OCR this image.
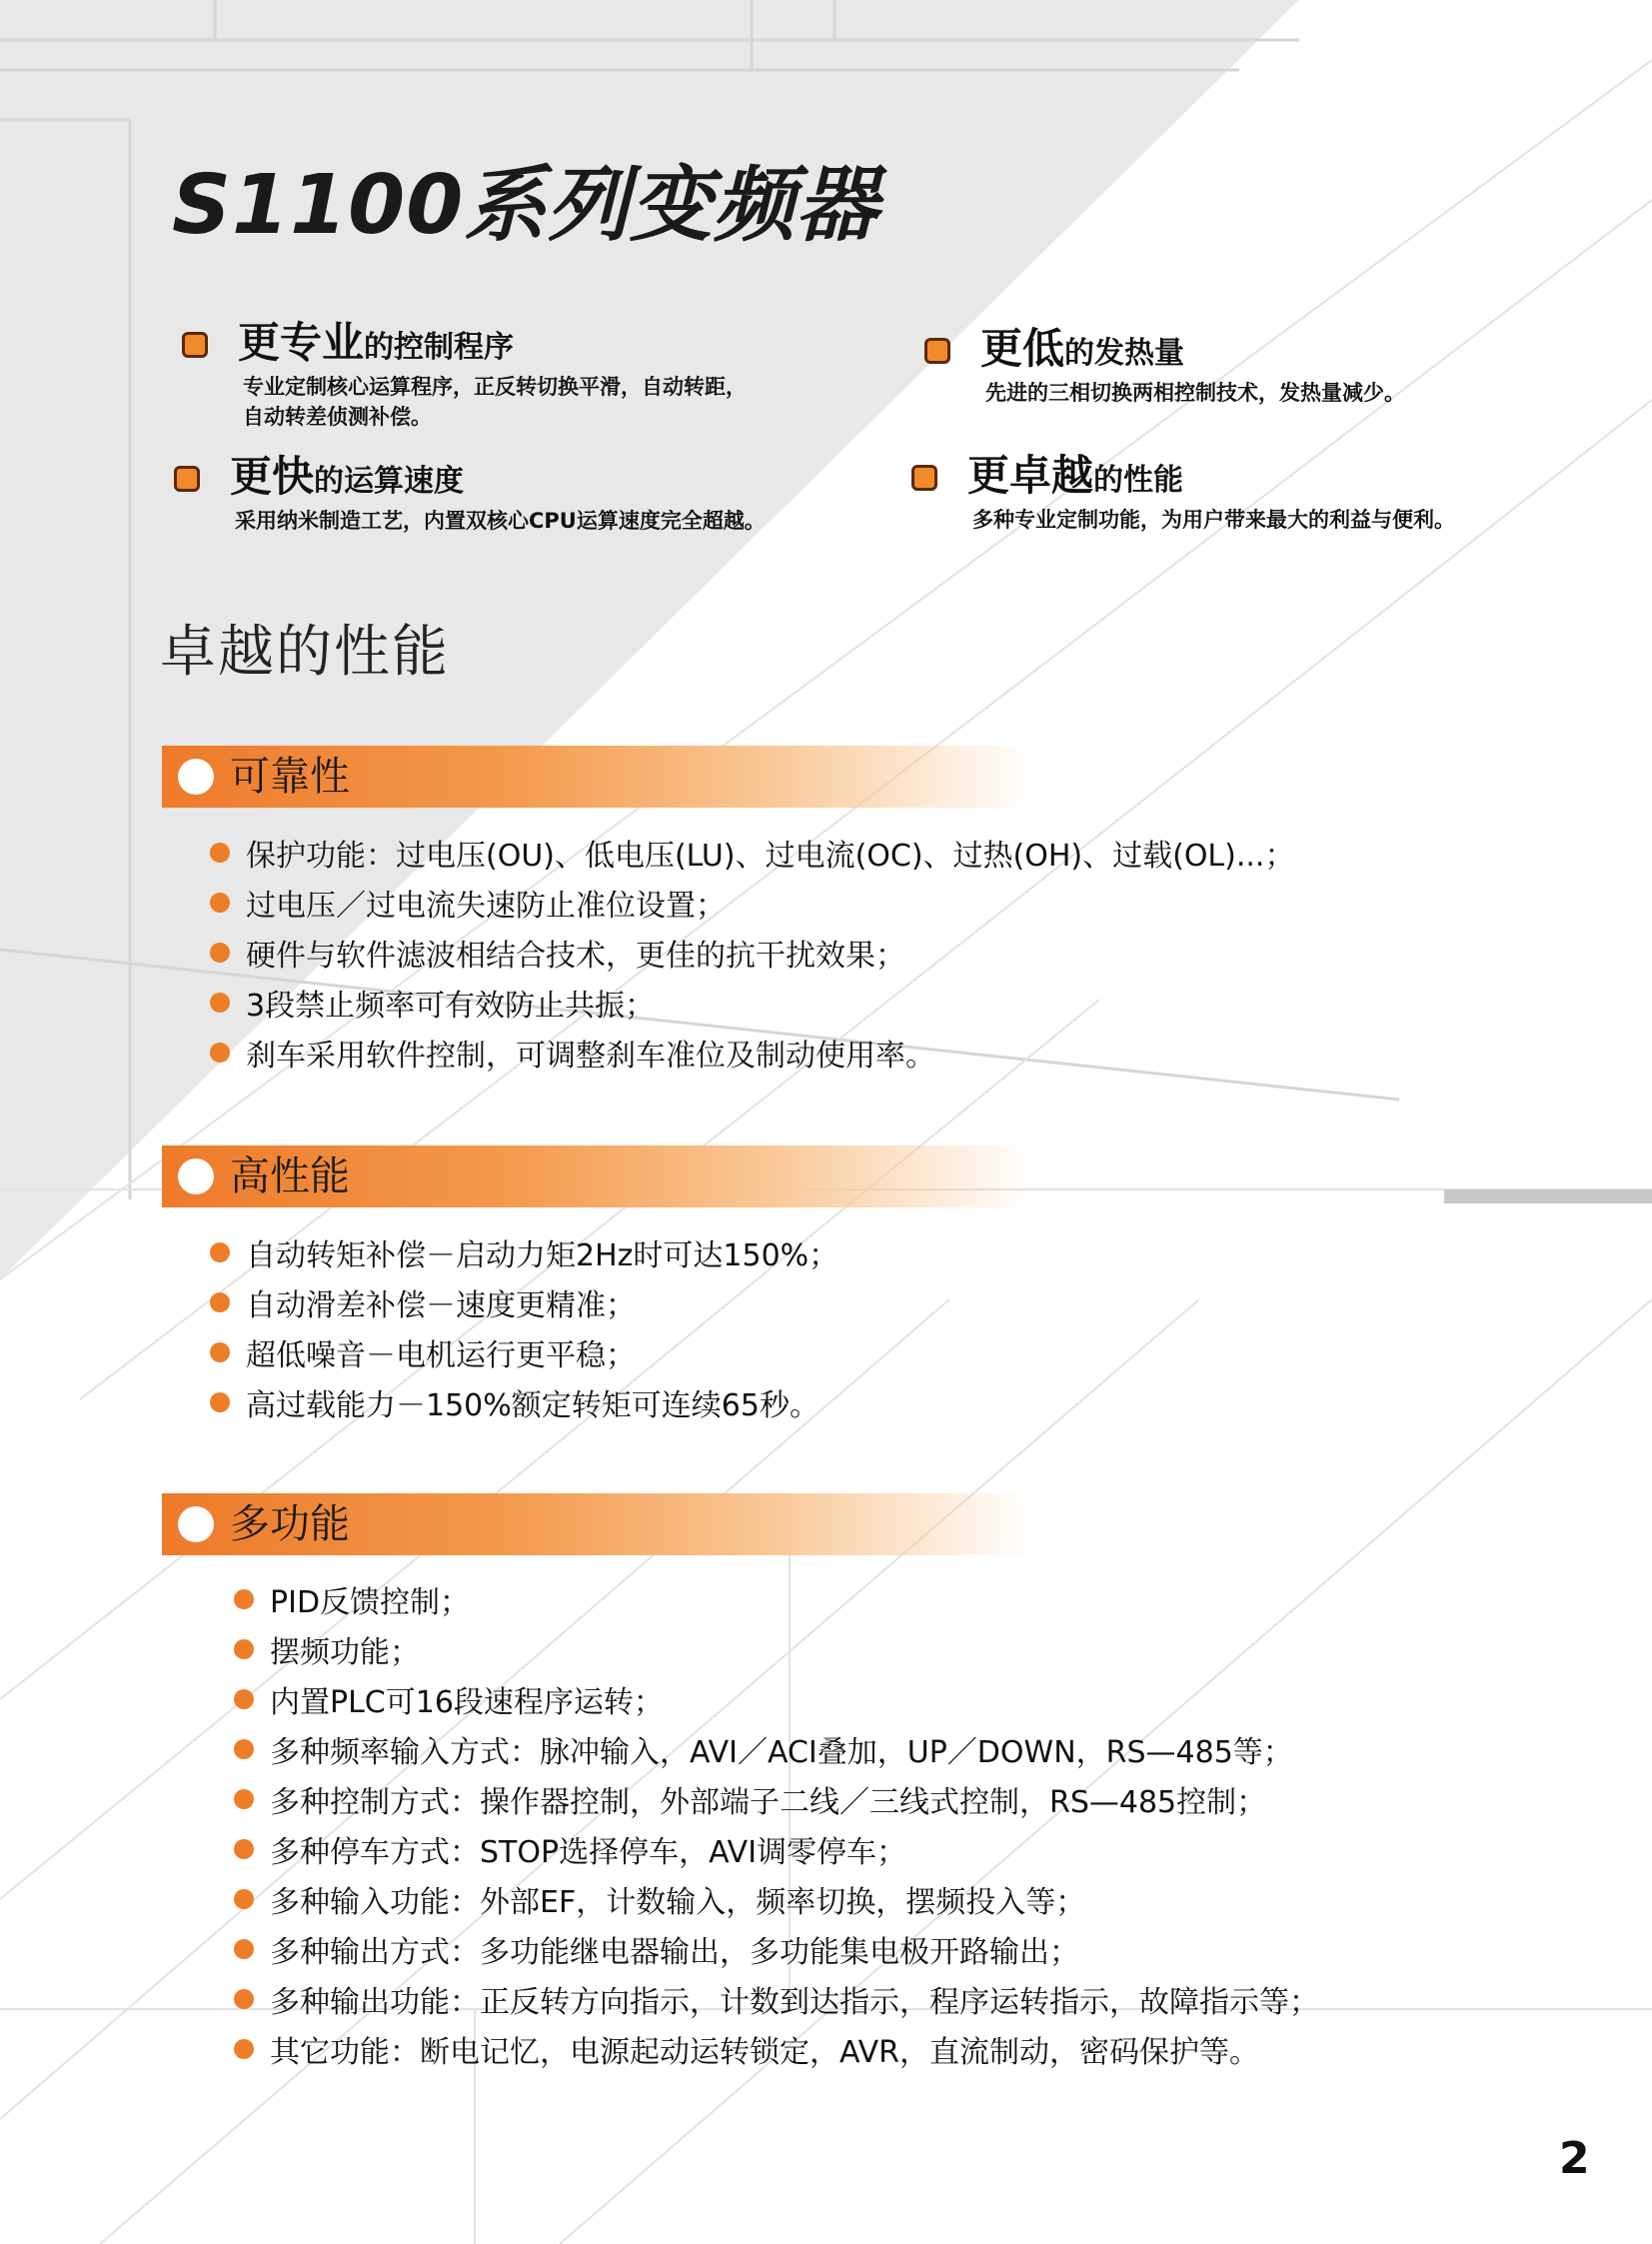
S1100系列变频器
更专业 的控制程序
专业定制核心运算程序，正反转切换平滑，自动转距，
自动转差侦测补偿。
更低 的发热量
先进的三相切换两相控制技术，发热量减少。
更快 的运算速度
采用纳米制造工艺，内置双核心CPU运算速度完全超越。
更卓越 的性能
多种专业定制功能，为用户带来最大的利益与便利。
卓越的性能
可靠性
保护功能：过电压(OU)、低电压(LU)、过电流(OC)、过热(OH)、过载(OL)...；
过电压／过电流失速防止准位设置；
硬件与软件滤波相结合技术，更佳的抗干扰效果；
3段禁止频率可有效防止共振；
刹车采用软件控制，可调整刹车准位及制动使用率。
高性能
自动转矩补偿－启动力矩2Hz时可达150%；
自动滑差补偿－速度更精准；
超低噪音－电机运行更平稳；
高过载能力－150%额定转矩可连续65秒。
多功能
PID反馈控制；
摆频功能；
内置PLC可16段速程序运转；
多种频率输入方式：脉冲输入，AVI／ACI叠加，UP／DOWN，RS—485等；
多种控制方式：操作器控制，外部端子二线／三线式控制，RS—485控制；
多种停车方式：STOP选择停车，AVI调零停车；
多种输入功能：外部EF，计数输入，频率切换，摆频投入等；
多种输出方式：多功能继电器输出，多功能集电极开路输出；
多种输出功能：正反转方向指示，计数到达指示，程序运转指示，故障指示等；
其它功能：断电记忆，电源起动运转锁定，AVR，直流制动，密码保护等。
2
